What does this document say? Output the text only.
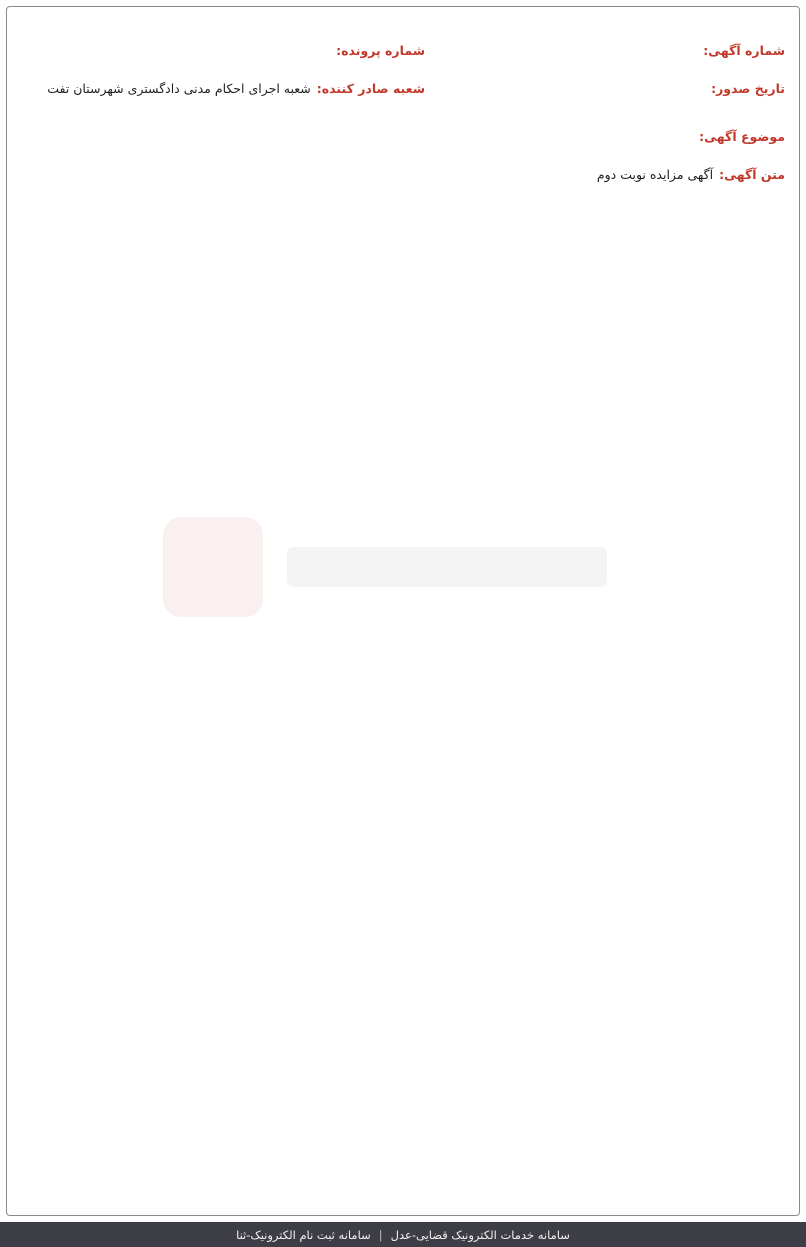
شماره آگهی:
شماره پرونده:
تاریخ صدور:
شعبه صادر کننده:
شعبه اجرای احکام مدنی دادگستری شهرستان تفت
موضوع آگهی:
متن آگهی:
آگهی مزایده نوبت دوم
سامانه خدمات الکترونیک قضایی-عدل
|
سامانه ثبت نام الکترونیک-ثنا
